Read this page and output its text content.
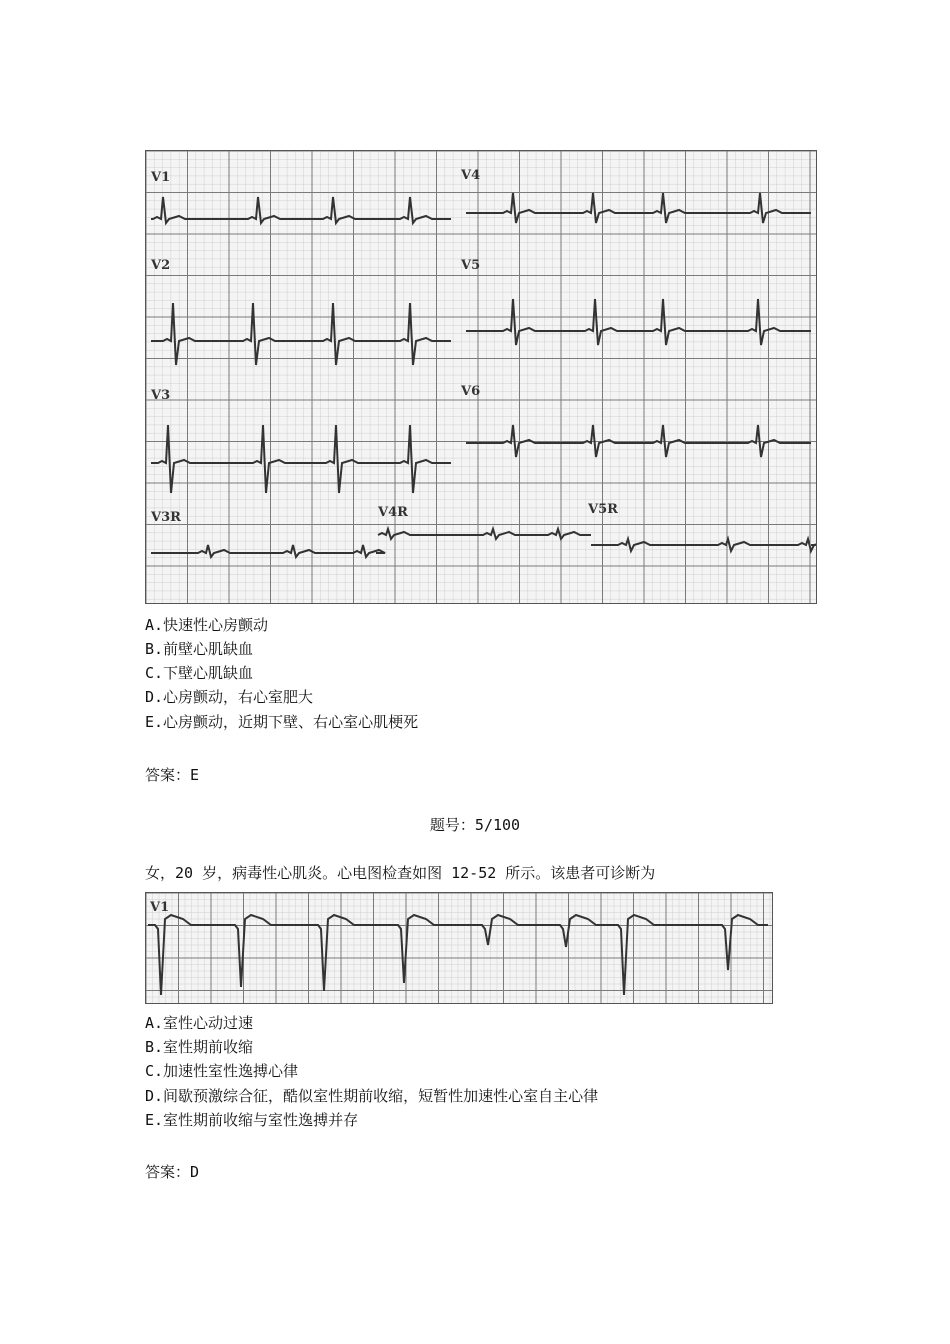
V1
V2
V3
V4
V5
V6
V3R	V4R	V5R
A.快速性心房颤动
B.前壁心肌缺血
C.下壁心肌缺血
D.心房颤动，右心室肥大
E.心房颤动，近期下壁、右心室心肌梗死
答案：E
题号：5/100
女，20 岁，病毒性心肌炎。心电图检查如图 12-52 所示。该患者可诊断为
V1
A.室性心动过速
B.室性期前收缩
C.加速性室性逸搏心律
D.间歇预激综合征，酷似室性期前收缩，短暂性加速性心室自主心律
E.室性期前收缩与室性逸搏并存
答案：D
